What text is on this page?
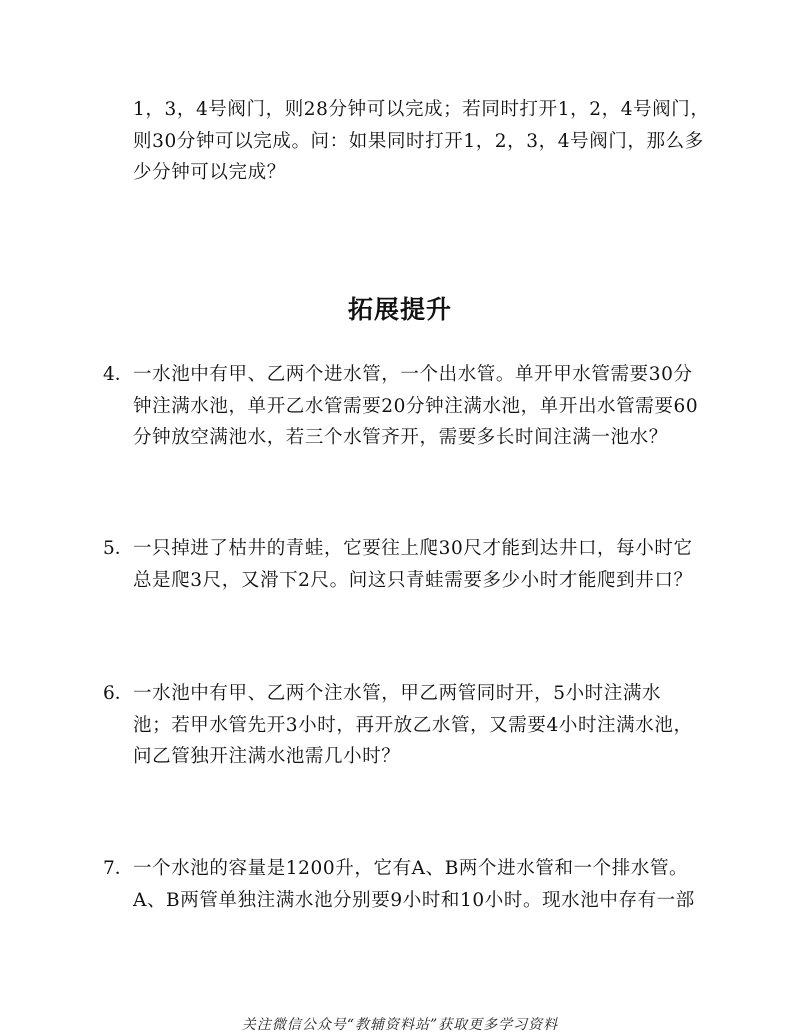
1，3，4号阀门，则28分钟可以完成；若同时打开1，2，4号阀门，
则30分钟可以完成。问：如果同时打开1，2，3，4号阀门，那么多
少分钟可以完成？
拓展提升
4． 一水池中有甲、乙两个进水管，一个出水管。单开甲水管需要30分
钟注满水池，单开乙水管需要20分钟注满水池，单开出水管需要60
分钟放空满池水，若三个水管齐开，需要多长时间注满一池水？
5． 一只掉进了枯井的青蛙，它要往上爬30尺才能到达井口，每小时它
总是爬3尺，又滑下2尺。问这只青蛙需要多少小时才能爬到井口？
6． 一水池中有甲、乙两个注水管，甲乙两管同时开，5小时注满水
池；若甲水管先开3小时，再开放乙水管，又需要4小时注满水池，
问乙管独开注满水池需几小时？
7． 一个水池的容量是1200升，它有A、B两个进水管和一个排水管。
A、B两管单独注满水池分别要9小时和10小时。现水池中存有一部
关注微信公众号“教辅资料站”获取更多学习资料
